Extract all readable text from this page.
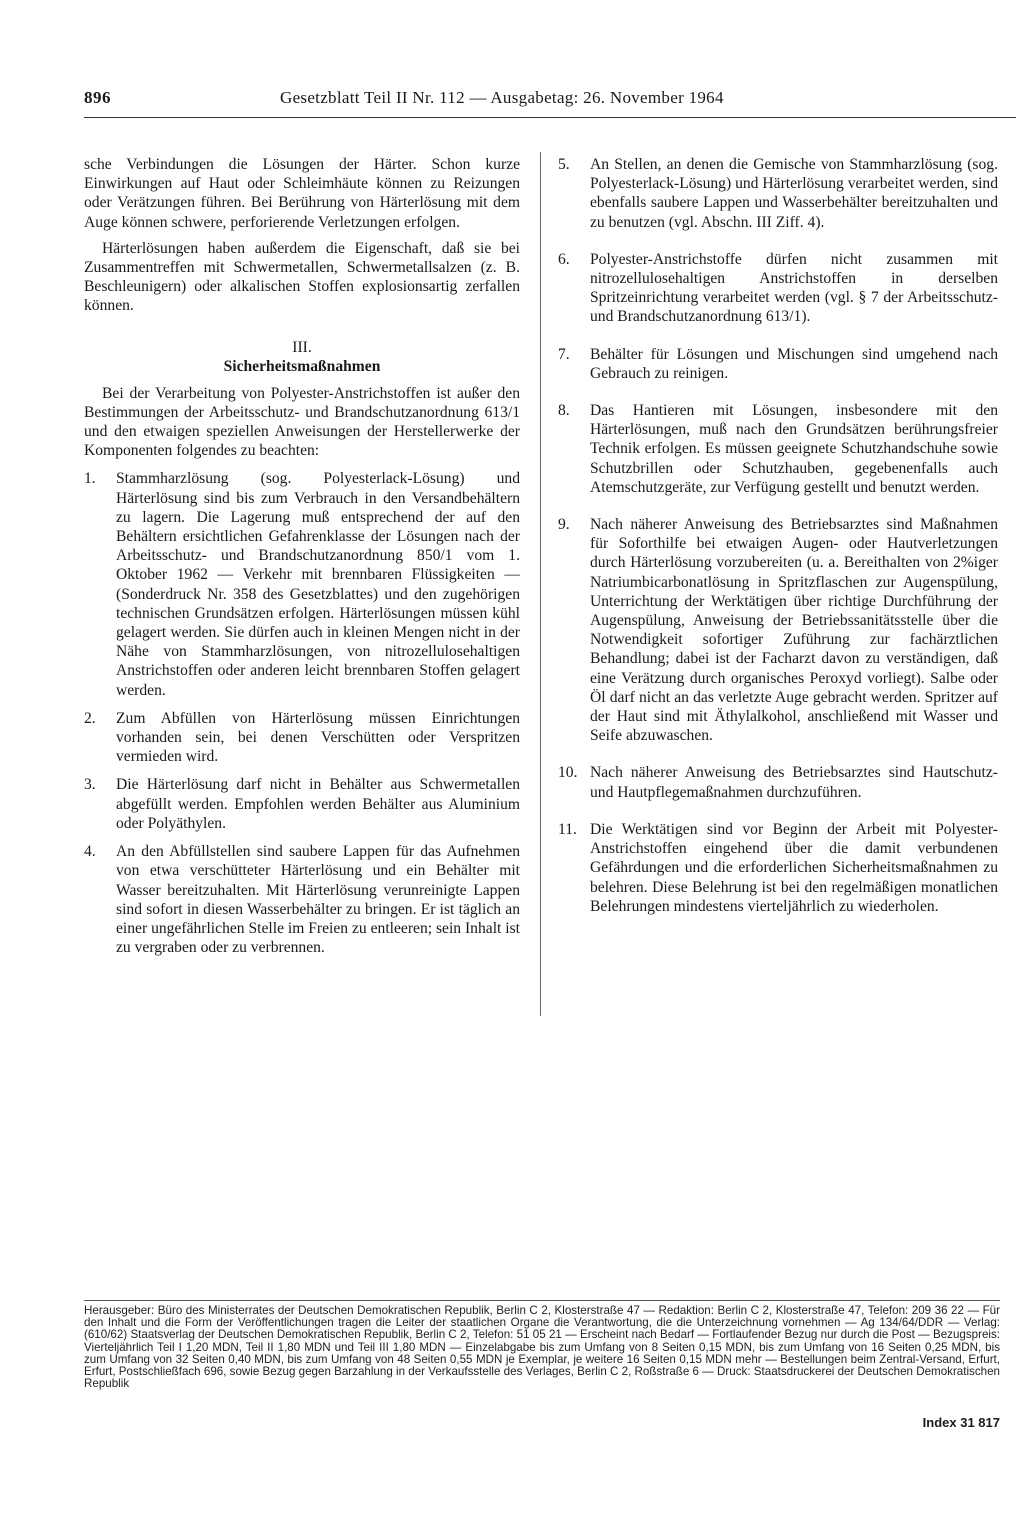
896	Gesetzblatt Teil II Nr. 112 — Ausgabetag: 26. November 1964

sche Verbindungen die Lösungen der Härter. Schon kurze Einwirkungen auf Haut oder Schleimhäute können zu Reizungen oder Verätzungen führen. Bei Berührung von Härterlösung mit dem Auge können schwere, perforierende Verletzungen erfolgen.

Härterlösungen haben außerdem die Eigenschaft, daß sie bei Zusammentreffen mit Schwermetallen, Schwermetallsalzen (z. B. Beschleunigern) oder alkalischen Stoffen explosionsartig zerfallen können.

III.
Sicherheitsmaßnahmen

Bei der Verarbeitung von Polyester-Anstrichstoffen ist außer den Bestimmungen der Arbeitsschutz- und Brandschutzanordnung 613/1 und den etwaigen speziellen Anweisungen der Herstellerwerke der Komponenten folgendes zu beachten:

1.	Stammharzlösung (sog. Polyesterlack-Lösung) und Härterlösung sind bis zum Verbrauch in den Versandbehältern zu lagern. Die Lagerung muß entsprechend der auf den Behältern ersichtlichen Gefahrenklasse der Lösungen nach der Arbeitsschutz- und Brandschutzanordnung 850/1 vom 1. Oktober 1962 — Verkehr mit brennbaren Flüssigkeiten — (Sonderdruck Nr. 358 des Gesetzblattes) und den zugehörigen technischen Grundsätzen erfolgen. Härterlösungen müssen kühl gelagert werden. Sie dürfen auch in kleinen Mengen nicht in der Nähe von Stammharzlösungen, von nitrozellulosehaltigen Anstrichstoffen oder anderen leicht brennbaren Stoffen gelagert werden.
2.	Zum Abfüllen von Härterlösung müssen Einrichtungen vorhanden sein, bei denen Verschütten oder Verspritzen vermieden wird.
3.	Die Härterlösung darf nicht in Behälter aus Schwermetallen abgefüllt werden. Empfohlen werden Behälter aus Aluminium oder Polyäthylen.
4.	An den Abfüllstellen sind saubere Lappen für das Aufnehmen von etwa verschütteter Härterlösung und ein Behälter mit Wasser bereitzuhalten. Mit Härterlösung verunreinigte Lappen sind sofort in diesen Wasserbehälter zu bringen. Er ist täglich an einer ungefährlichen Stelle im Freien zu entleeren; sein Inhalt ist zu vergraben oder zu verbrennen.
5.	An Stellen, an denen die Gemische von Stammharzlösung (sog. Polyesterlack-Lösung) und Härterlösung verarbeitet werden, sind ebenfalls saubere Lappen und Wasserbehälter bereitzuhalten und zu benutzen (vgl. Abschn. III Ziff. 4).
6.	Polyester-Anstrichstoffe dürfen nicht zusammen mit nitrozellulosehaltigen Anstrichstoffen in derselben Spritzeinrichtung verarbeitet werden (vgl. § 7 der Arbeitsschutz- und Brandschutzanordnung 613/1).
7.	Behälter für Lösungen und Mischungen sind umgehend nach Gebrauch zu reinigen.
8.	Das Hantieren mit Lösungen, insbesondere mit den Härterlösungen, muß nach den Grundsätzen berührungsfreier Technik erfolgen. Es müssen geeignete Schutzhandschuhe sowie Schutzbrillen oder Schutzhauben, gegebenenfalls auch Atemschutzgeräte, zur Verfügung gestellt und benutzt werden.
9.	Nach näherer Anweisung des Betriebsarztes sind Maßnahmen für Soforthilfe bei etwaigen Augen- oder Hautverletzungen durch Härterlösung vorzubereiten (u. a. Bereithalten von 2%iger Natriumbicarbonatlösung in Spritzflaschen zur Augenspülung, Unterrichtung der Werktätigen über richtige Durchführung der Augenspülung, Anweisung der Betriebssanitätsstelle über die Notwendigkeit sofortiger Zuführung zur fachärztlichen Behandlung; dabei ist der Facharzt davon zu verständigen, daß eine Verätzung durch organisches Peroxyd vorliegt). Salbe oder Öl darf nicht an das verletzte Auge gebracht werden. Spritzer auf der Haut sind mit Äthylalkohol, anschließend mit Wasser und Seife abzuwaschen.
10. Nach näherer Anweisung des Betriebsarztes sind Hautschutz- und Hautpflegemaßnahmen durchzuführen.
11. Die Werktätigen sind vor Beginn der Arbeit mit Polyester-Anstrichstoffen eingehend über die damit verbundenen Gefährdungen und die erforderlichen Sicherheitsmaßnahmen zu belehren. Diese Belehrung ist bei den regelmäßigen monatlichen Belehrungen mindestens vierteljährlich zu wiederholen.

Herausgeber: Büro des Ministerrates der Deutschen Demokratischen Republik, Berlin C 2, Klosterstraße 47 — Redaktion: Berlin C 2, Klosterstraße 47, Telefon: 209 36 22 — Für den Inhalt und die Form der Veröffentlichungen tragen die Leiter der staatlichen Organe die Verantwortung, die die Unterzeichnung vornehmen — Ag 134/64/DDR — Verlag: (610/62) Staatsverlag der Deutschen Demokratischen Republik, Berlin C 2, Telefon: 51 05 21 — Erscheint nach Bedarf — Fortlaufender Bezug nur durch die Post — Bezugspreis: Vierteljährlich Teil I 1,20 MDN, Teil II 1,80 MDN und Teil III 1,80 MDN — Einzelabgabe bis zum Umfang von 8 Seiten 0,15 MDN, bis zum Umfang von 16 Seiten 0,25 MDN, bis zum Umfang von 32 Seiten 0,40 MDN, bis zum Umfang von 48 Seiten 0,55 MDN je Exemplar, je weitere 16 Seiten 0,15 MDN mehr — Bestellungen beim Zentral-Versand, Erfurt, Erfurt, Postschließfach 696, sowie Bezug gegen Barzahlung in der Verkaufsstelle des Verlages, Berlin C 2, Roßstraße 6 — Druck: Staatsdruckerei der Deutschen Demokratischen Republik

Index 31 817
